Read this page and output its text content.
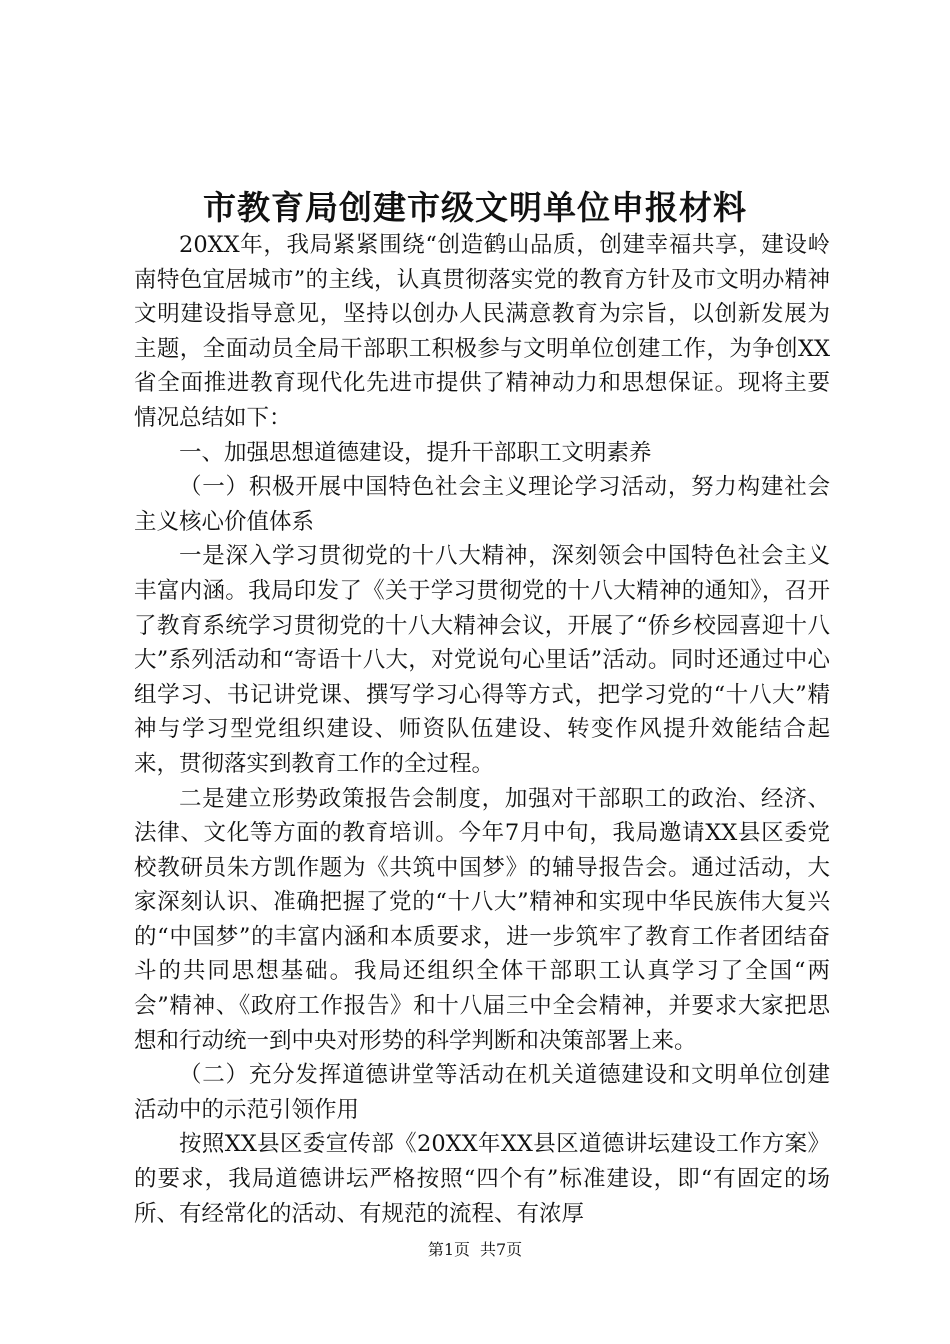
市教育局创建市级文明单位申报材料

20XX年，我局紧紧围绕“创造鹤山品质，创建幸福共享，建设岭南特色宜居城市”的主线，认真贯彻落实党的教育方针及市文明办精神文明建设指导意见，坚持以创办人民满意教育为宗旨，以创新发展为主题，全面动员全局干部职工积极参与文明单位创建工作，为争创XX省全面推进教育现代化先进市提供了精神动力和思想保证。现将主要情况总结如下：

一、加强思想道德建设，提升干部职工文明素养

（一）积极开展中国特色社会主义理论学习活动，努力构建社会主义核心价值体系

一是深入学习贯彻党的十八大精神，深刻领会中国特色社会主义丰富内涵。我局印发了《关于学习贯彻党的十八大精神的通知》，召开了教育系统学习贯彻党的十八大精神会议，开展了“侨乡校园喜迎十八大”系列活动和“寄语十八大，对党说句心里话”活动。同时还通过中心组学习、书记讲党课、撰写学习心得等方式，把学习党的“十八大”精神与学习型党组织建设、师资队伍建设、转变作风提升效能结合起来，贯彻落实到教育工作的全过程。

二是建立形势政策报告会制度，加强对干部职工的政治、经济、法律、文化等方面的教育培训。今年7月中旬，我局邀请XX县区委党校教研员朱方凯作题为《共筑中国梦》的辅导报告会。通过活动，大家深刻认识、准确把握了党的“十八大”精神和实现中华民族伟大复兴的“中国梦”的丰富内涵和本质要求，进一步筑牢了教育工作者团结奋斗的共同思想基础。我局还组织全体干部职工认真学习了全国“两会”精神、《政府工作报告》和十八届三中全会精神，并要求大家把思想和行动统一到中央对形势的科学判断和决策部署上来。

（二）充分发挥道德讲堂等活动在机关道德建设和文明单位创建活动中的示范引领作用

按照XX县区委宣传部《20XX年XX县区道德讲坛建设工作方案》的要求，我局道德讲坛严格按照“四个有”标准建设，即“有固定的场所、有经常化的活动、有规范的流程、有浓厚

第1页 共7页
